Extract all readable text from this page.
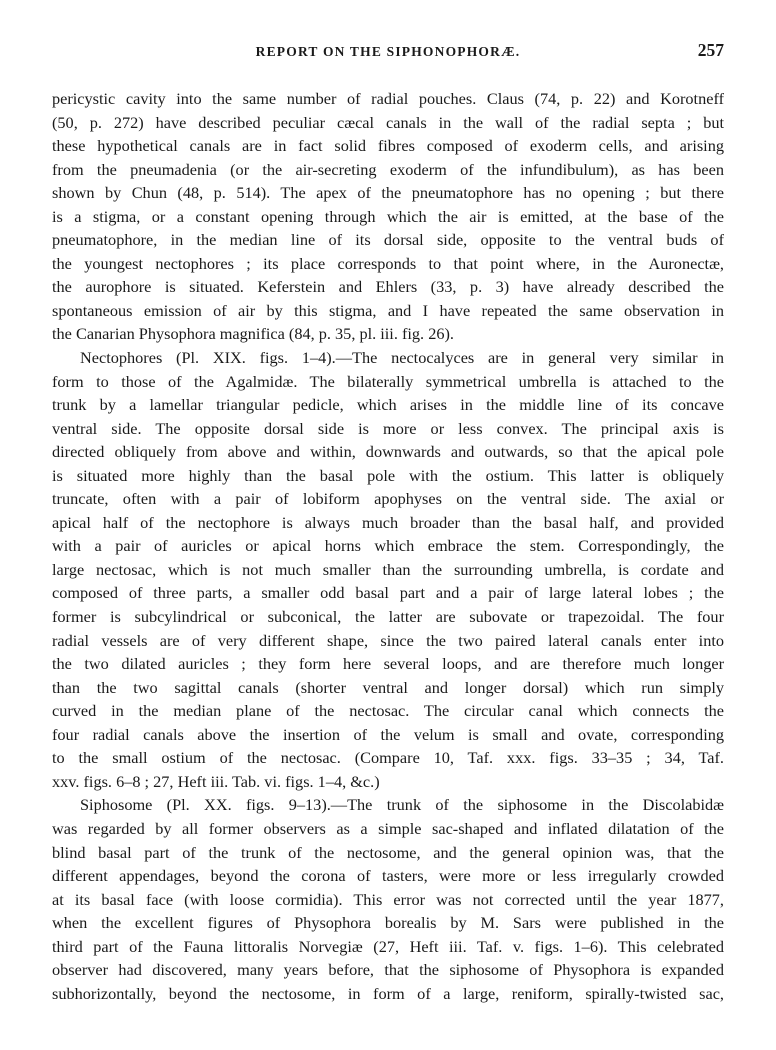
REPORT ON THE SIPHONOPHORÆ.	257
pericystic cavity into the same number of radial pouches. Claus (74, p. 22) and Korotneff
(50, p. 272) have described peculiar cæcal canals in the wall of the radial septa ; but
these hypothetical canals are in fact solid fibres composed of exoderm cells, and arising
from the pneumadenia (or the air-secreting exoderm of the infundibulum), as has been
shown by Chun (48, p. 514). The apex of the pneumatophore has no opening ; but there
is a stigma, or a constant opening through which the air is emitted, at the base of the
pneumatophore, in the median line of its dorsal side, opposite to the ventral buds of
the youngest nectophores ; its place corresponds to that point where, in the Auronectæ,
the aurophore is situated. Keferstein and Ehlers (33, p. 3) have already described the
spontaneous emission of air by this stigma, and I have repeated the same observation in
the Canarian Physophora magnifica (84, p. 35, pl. iii. fig. 26).
Nectophores (Pl. XIX. figs. 1–4).—The nectocalyces are in general very similar in
form to those of the Agalmidæ. The bilaterally symmetrical umbrella is attached to the
trunk by a lamellar triangular pedicle, which arises in the middle line of its concave
ventral side. The opposite dorsal side is more or less convex. The principal axis is
directed obliquely from above and within, downwards and outwards, so that the apical pole
is situated more highly than the basal pole with the ostium. This latter is obliquely
truncate, often with a pair of lobiform apophyses on the ventral side. The axial or
apical half of the nectophore is always much broader than the basal half, and provided
with a pair of auricles or apical horns which embrace the stem. Correspondingly, the
large nectosac, which is not much smaller than the surrounding umbrella, is cordate and
composed of three parts, a smaller odd basal part and a pair of large lateral lobes ; the
former is subcylindrical or subconical, the latter are subovate or trapezoidal. The four
radial vessels are of very different shape, since the two paired lateral canals enter into
the two dilated auricles ; they form here several loops, and are therefore much longer
than the two sagittal canals (shorter ventral and longer dorsal) which run simply
curved in the median plane of the nectosac. The circular canal which connects the
four radial canals above the insertion of the velum is small and ovate, corresponding
to the small ostium of the nectosac. (Compare 10, Taf. xxx. figs. 33–35 ; 34, Taf.
xxv. figs. 6–8 ; 27, Heft iii. Tab. vi. figs. 1–4, &c.)
Siphosome (Pl. XX. figs. 9–13).—The trunk of the siphosome in the Discolabidæ
was regarded by all former observers as a simple sac-shaped and inflated dilatation of the
blind basal part of the trunk of the nectosome, and the general opinion was, that the
different appendages, beyond the corona of tasters, were more or less irregularly crowded
at its basal face (with loose cormidia). This error was not corrected until the year 1877,
when the excellent figures of Physophora borealis by M. Sars were published in the
third part of the Fauna littoralis Norvegiæ (27, Heft iii. Taf. v. figs. 1–6). This celebrated
observer had discovered, many years before, that the siphosome of Physophora is expanded
subhorizontally, beyond the nectosome, in form of a large, reniform, spirally-twisted sac,
